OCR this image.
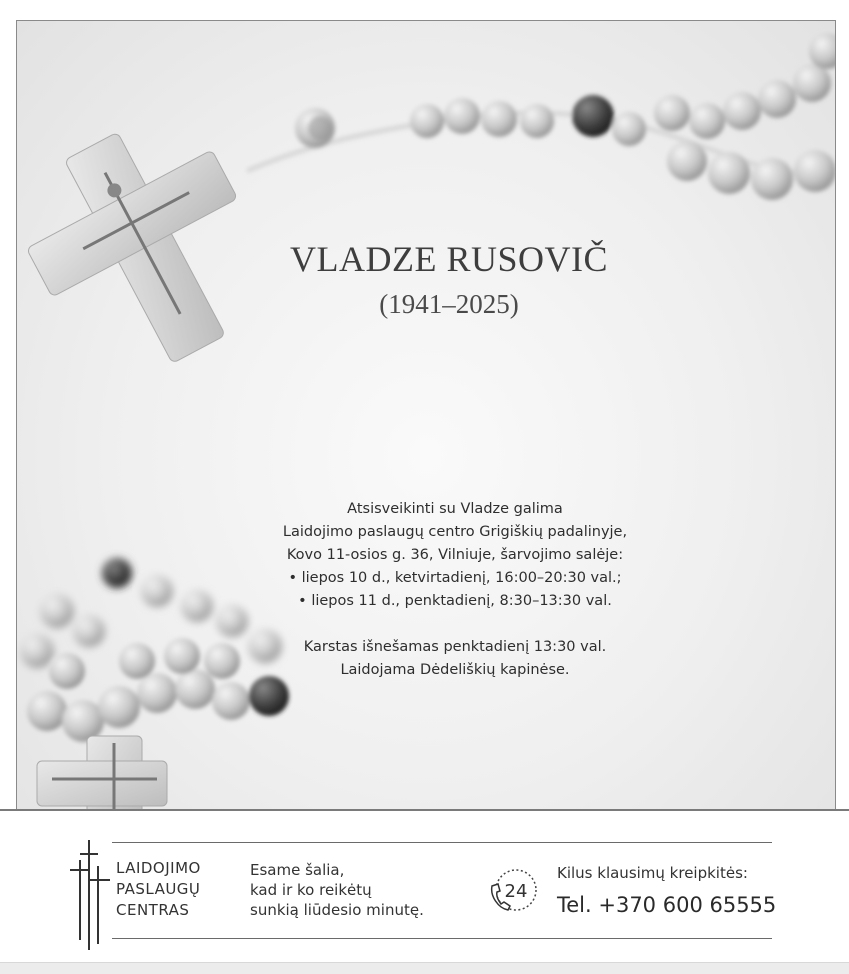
VLADZE RUSOVIČ
(1941–2025)
Atsisveikinti su Vladze galima
Laidojimo paslaugų centro Grigiškių padalinyje,
Kovo 11-osios g. 36, Vilniuje, šarvojimo salėje:
• liepos 10 d., ketvirtadienį, 16:00–20:30 val.;
• liepos 11 d., penktadienį, 8:30–13:30 val.
Karstas išnešamas penktadienį 13:30 val.
Laidojama Dėdeliškių kapinėse.
LAIDOJIMO
PASLAUGŲ
CENTRAS
Esame šalia,
kad ir ko reikėtų
sunkią liūdesio minutę.
24
Kilus klausimų kreipkitės:
Tel. +370 600 65555
